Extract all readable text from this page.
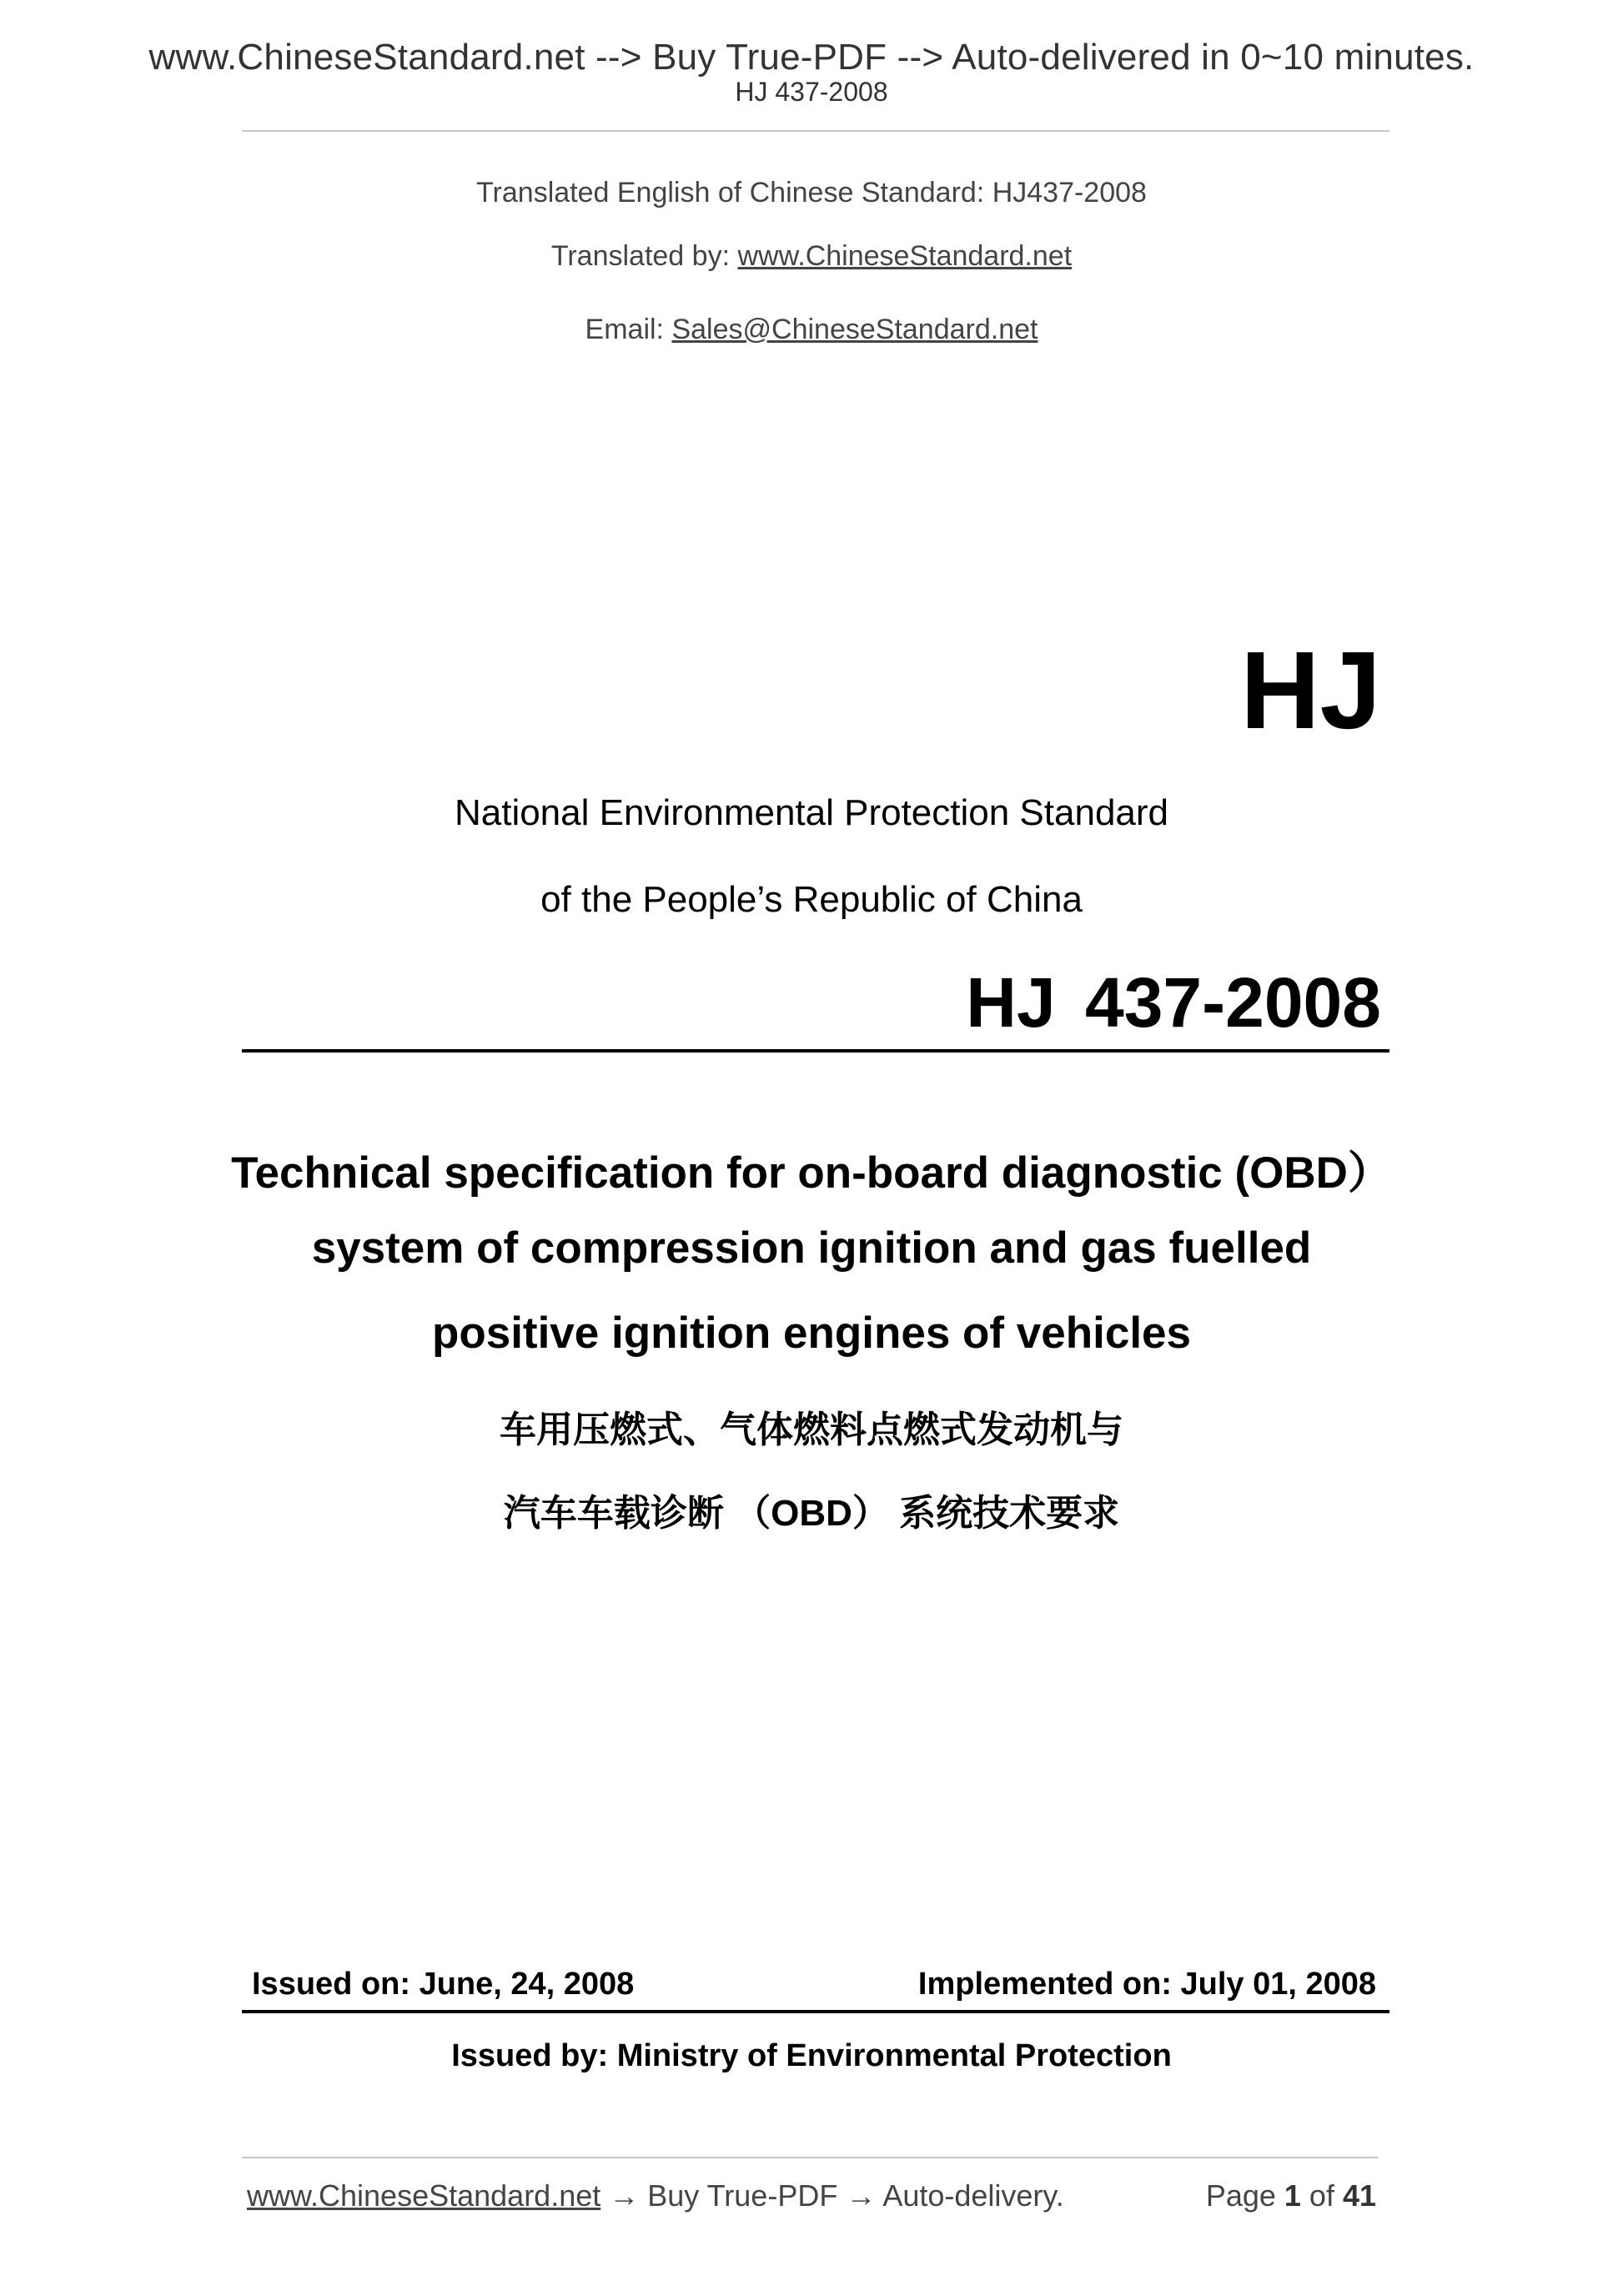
www.ChineseStandard.net --> Buy True-PDF --> Auto-delivered in 0~10 minutes.
HJ 437-2008
Translated English of Chinese Standard: HJ437-2008
Translated by: www.ChineseStandard.net
Email: Sales@ChineseStandard.net
HJ
National Environmental Protection Standard
of the People’s Republic of China
HJ 437-2008
Technical specification for on-board diagnostic (OBD）
system of compression ignition and gas fuelled
positive ignition engines of vehicles
车用压燃式、气体燃料点燃式发动机与
汽车车载诊断 （OBD） 系统技术要求
Issued on: June, 24, 2008	Implemented on: July 01, 2008
Issued by: Ministry of Environmental Protection
www.ChineseStandard.net → Buy True-PDF → Auto-delivery.	Page 1 of 41
